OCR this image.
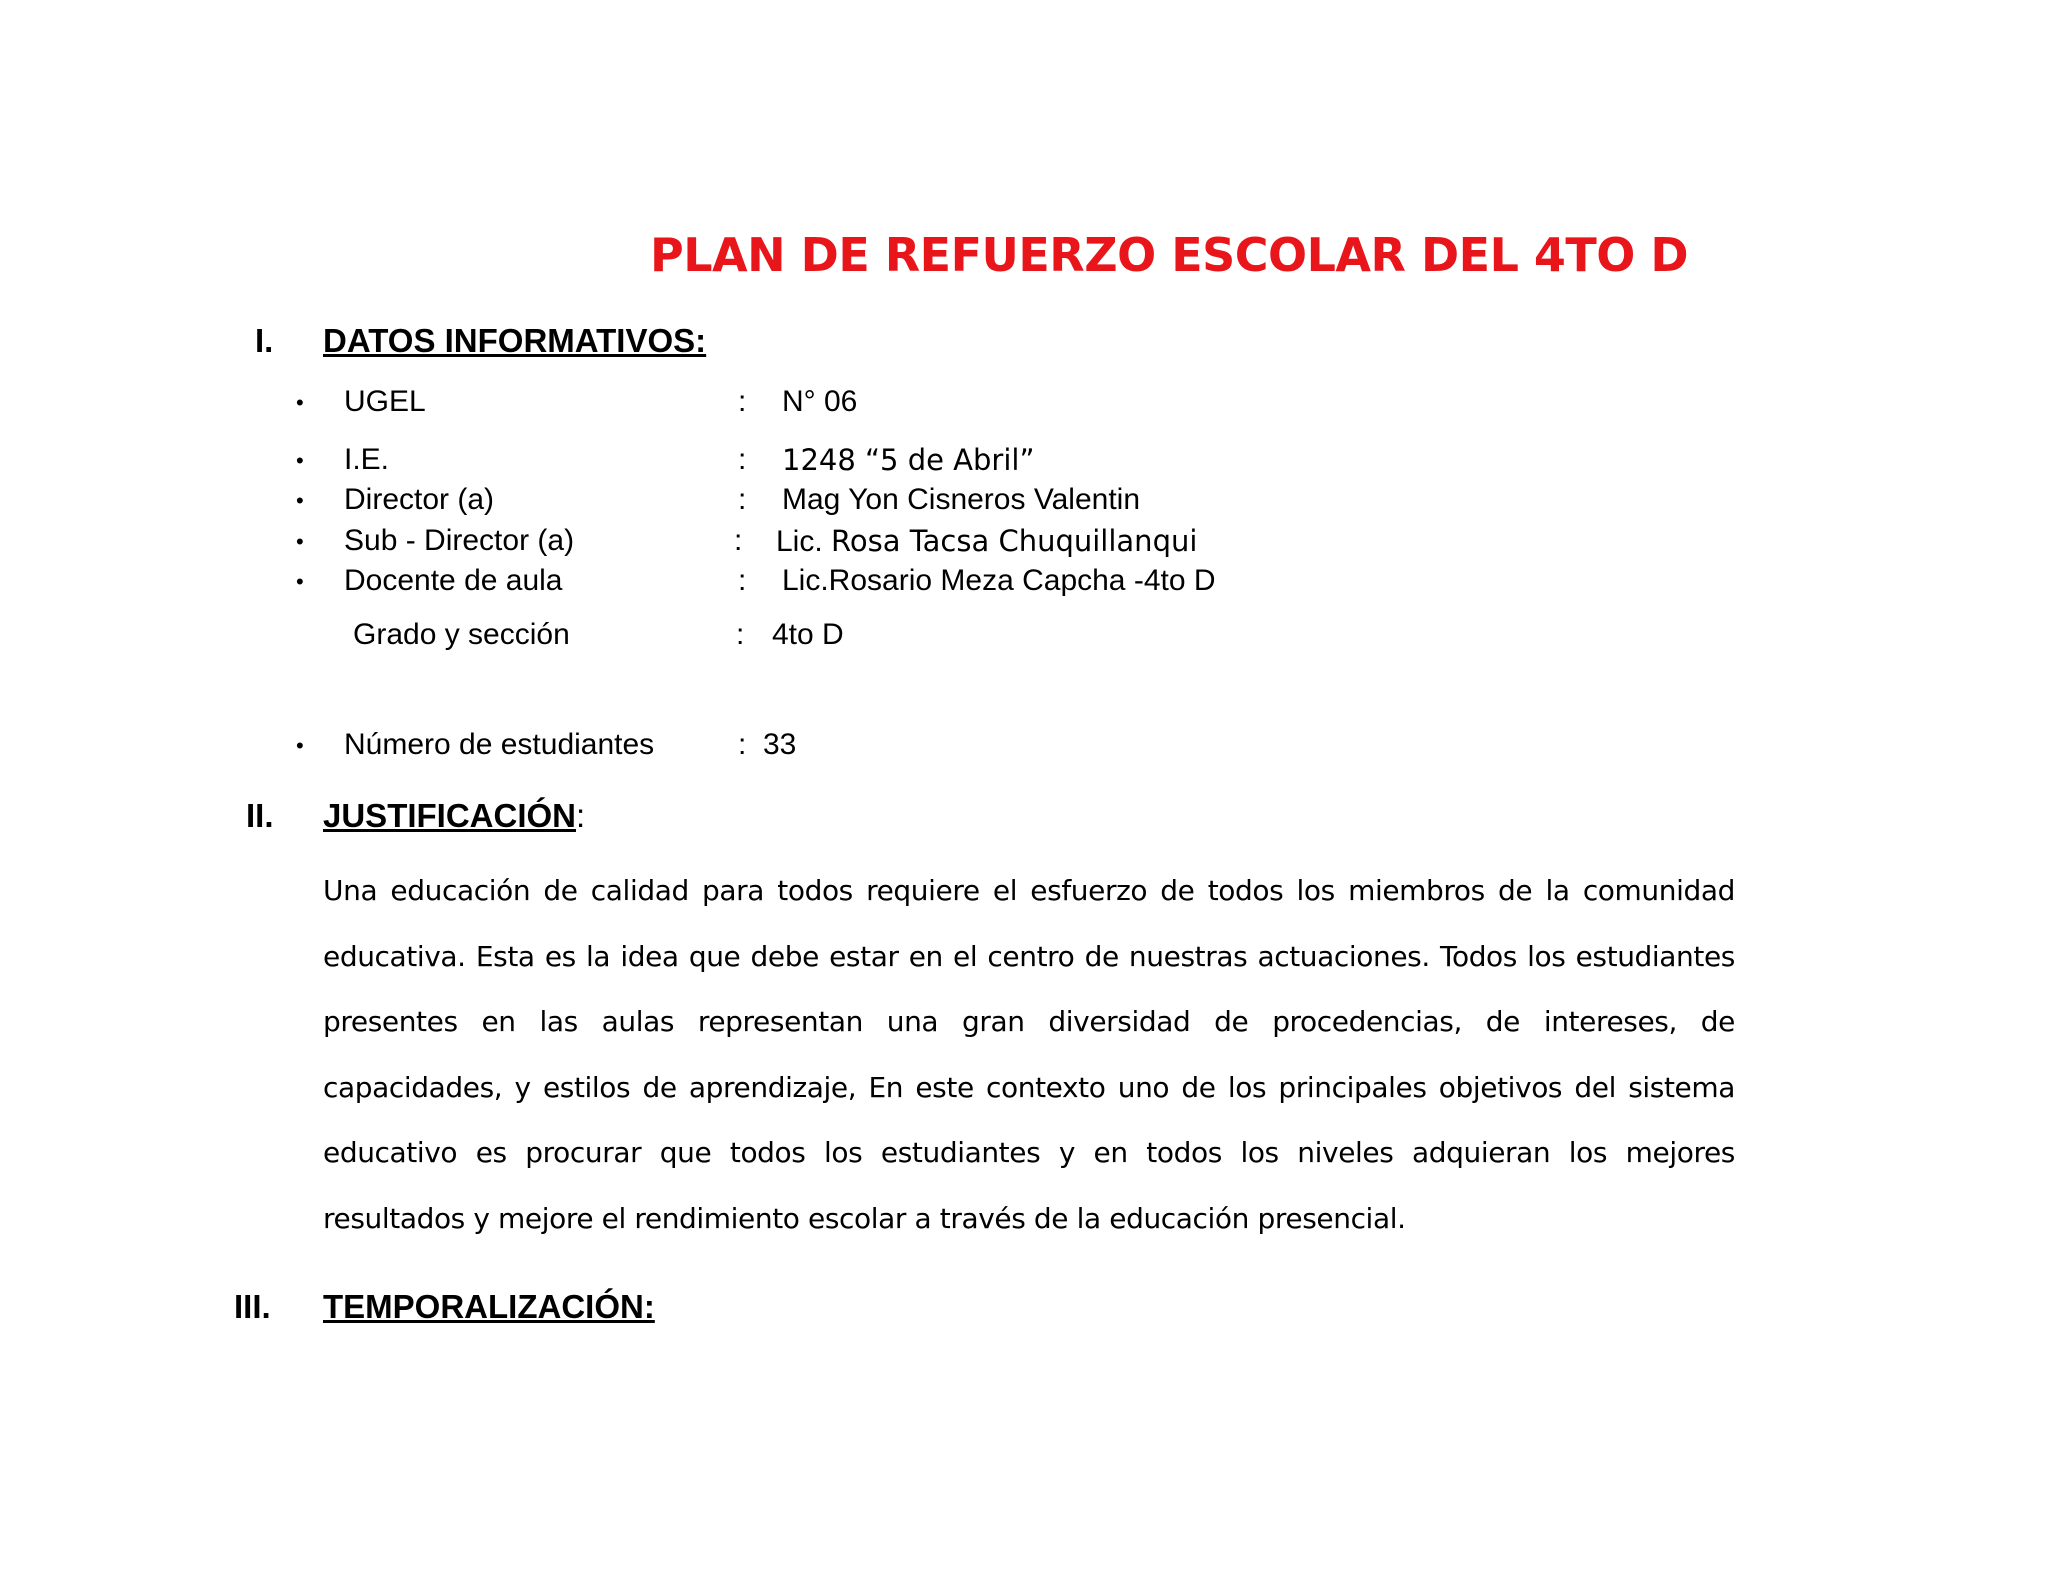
PLAN DE REFUERZO ESCOLAR DEL 4TO D
I. DATOS INFORMATIVOS:
• UGEL	: N° 06
• I.E.	: 1248 “5 de Abril”
• Director (a)	: Mag Yon Cisneros Valentin
• Sub - Director (a)	: Lic. Rosa Tacsa Chuquillanqui
• Docente de aula	: Lic.Rosario Meza Capcha -4to D
Grado y sección	: 4to D
• Número de estudiantes	: 33
II. JUSTIFICACIÓN:
Una educación de calidad para todos requiere el esfuerzo de todos los miembros de la comunidad educativa. Esta es la idea que debe estar en el centro de nuestras actuaciones. Todos los estudiantes presentes en las aulas representan una gran diversidad de procedencias, de intereses, de capacidades, y estilos de aprendizaje, En este contexto uno de los principales objetivos del sistema educativo es procurar que todos los estudiantes y en todos los niveles adquieran los mejores resultados y mejore el rendimiento escolar a través de la educación presencial.
III. TEMPORALIZACIÓN:
